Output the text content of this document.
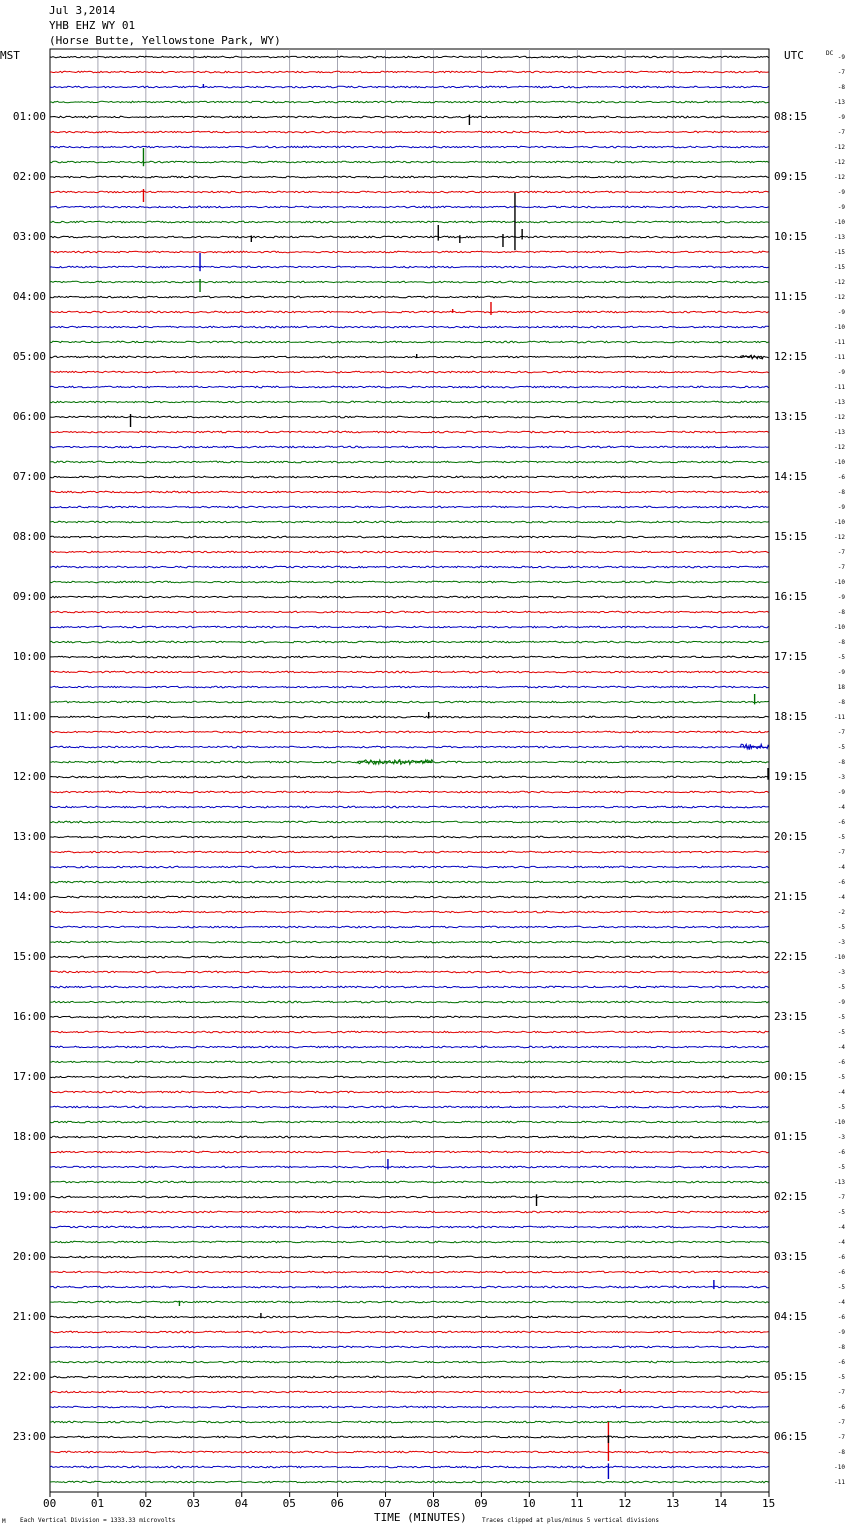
Jul 3,2014
YHB EHZ WY 01
(Horse Butte, Yellowstone Park, WY)
MST	UTC	DC
01:00
02:00
03:00
04:00
05:00
06:00
07:00
08:00
09:00
10:00
11:00
12:00
13:00
14:00
15:00
16:00
17:00
18:00
19:00
20:00
21:00
22:00
23:00
08:15
09:15
10:15
11:15
12:15
13:15
14:15
15:15
16:15
17:15
18:15
19:15
20:15
21:15
22:15
23:15
00:15
01:15
02:15
03:15
04:15
05:15
06:15
-9
-7
-8
-13
-9
-7
-12
-12
-12
-9
-9
-10
-13
-15
-15
-12
-12
-9
-10
-11
-11
-9
-11
-13
-12
-13
-12
-10
-6
-8
-9
-10
-12
-7
-7
-10
-9
-8
-10
-8
-5
-9
18
-8
-11
-7
-5
-8
-3
-9
-4
-6
-5
-7
-4
-6
-4
-2
-5
-3
-10
-3
-5
-9
-5
-5
-4
-6
-5
-4
-5
-10
-3
-6
-5
-13
-7
-5
-4
-4
-6
-6
-5
-4
-6
-9
-8
-6
-5
-7
-6
-7
-7
-8
-10
-11
00	01	02	03	04	05	06	07	08	09	10	11	12	13	14	15
TIME (MINUTES)
Each Vertical Division = 1333.33 microvolts	Traces clipped at plus/minus 5 vertical divisions
M
